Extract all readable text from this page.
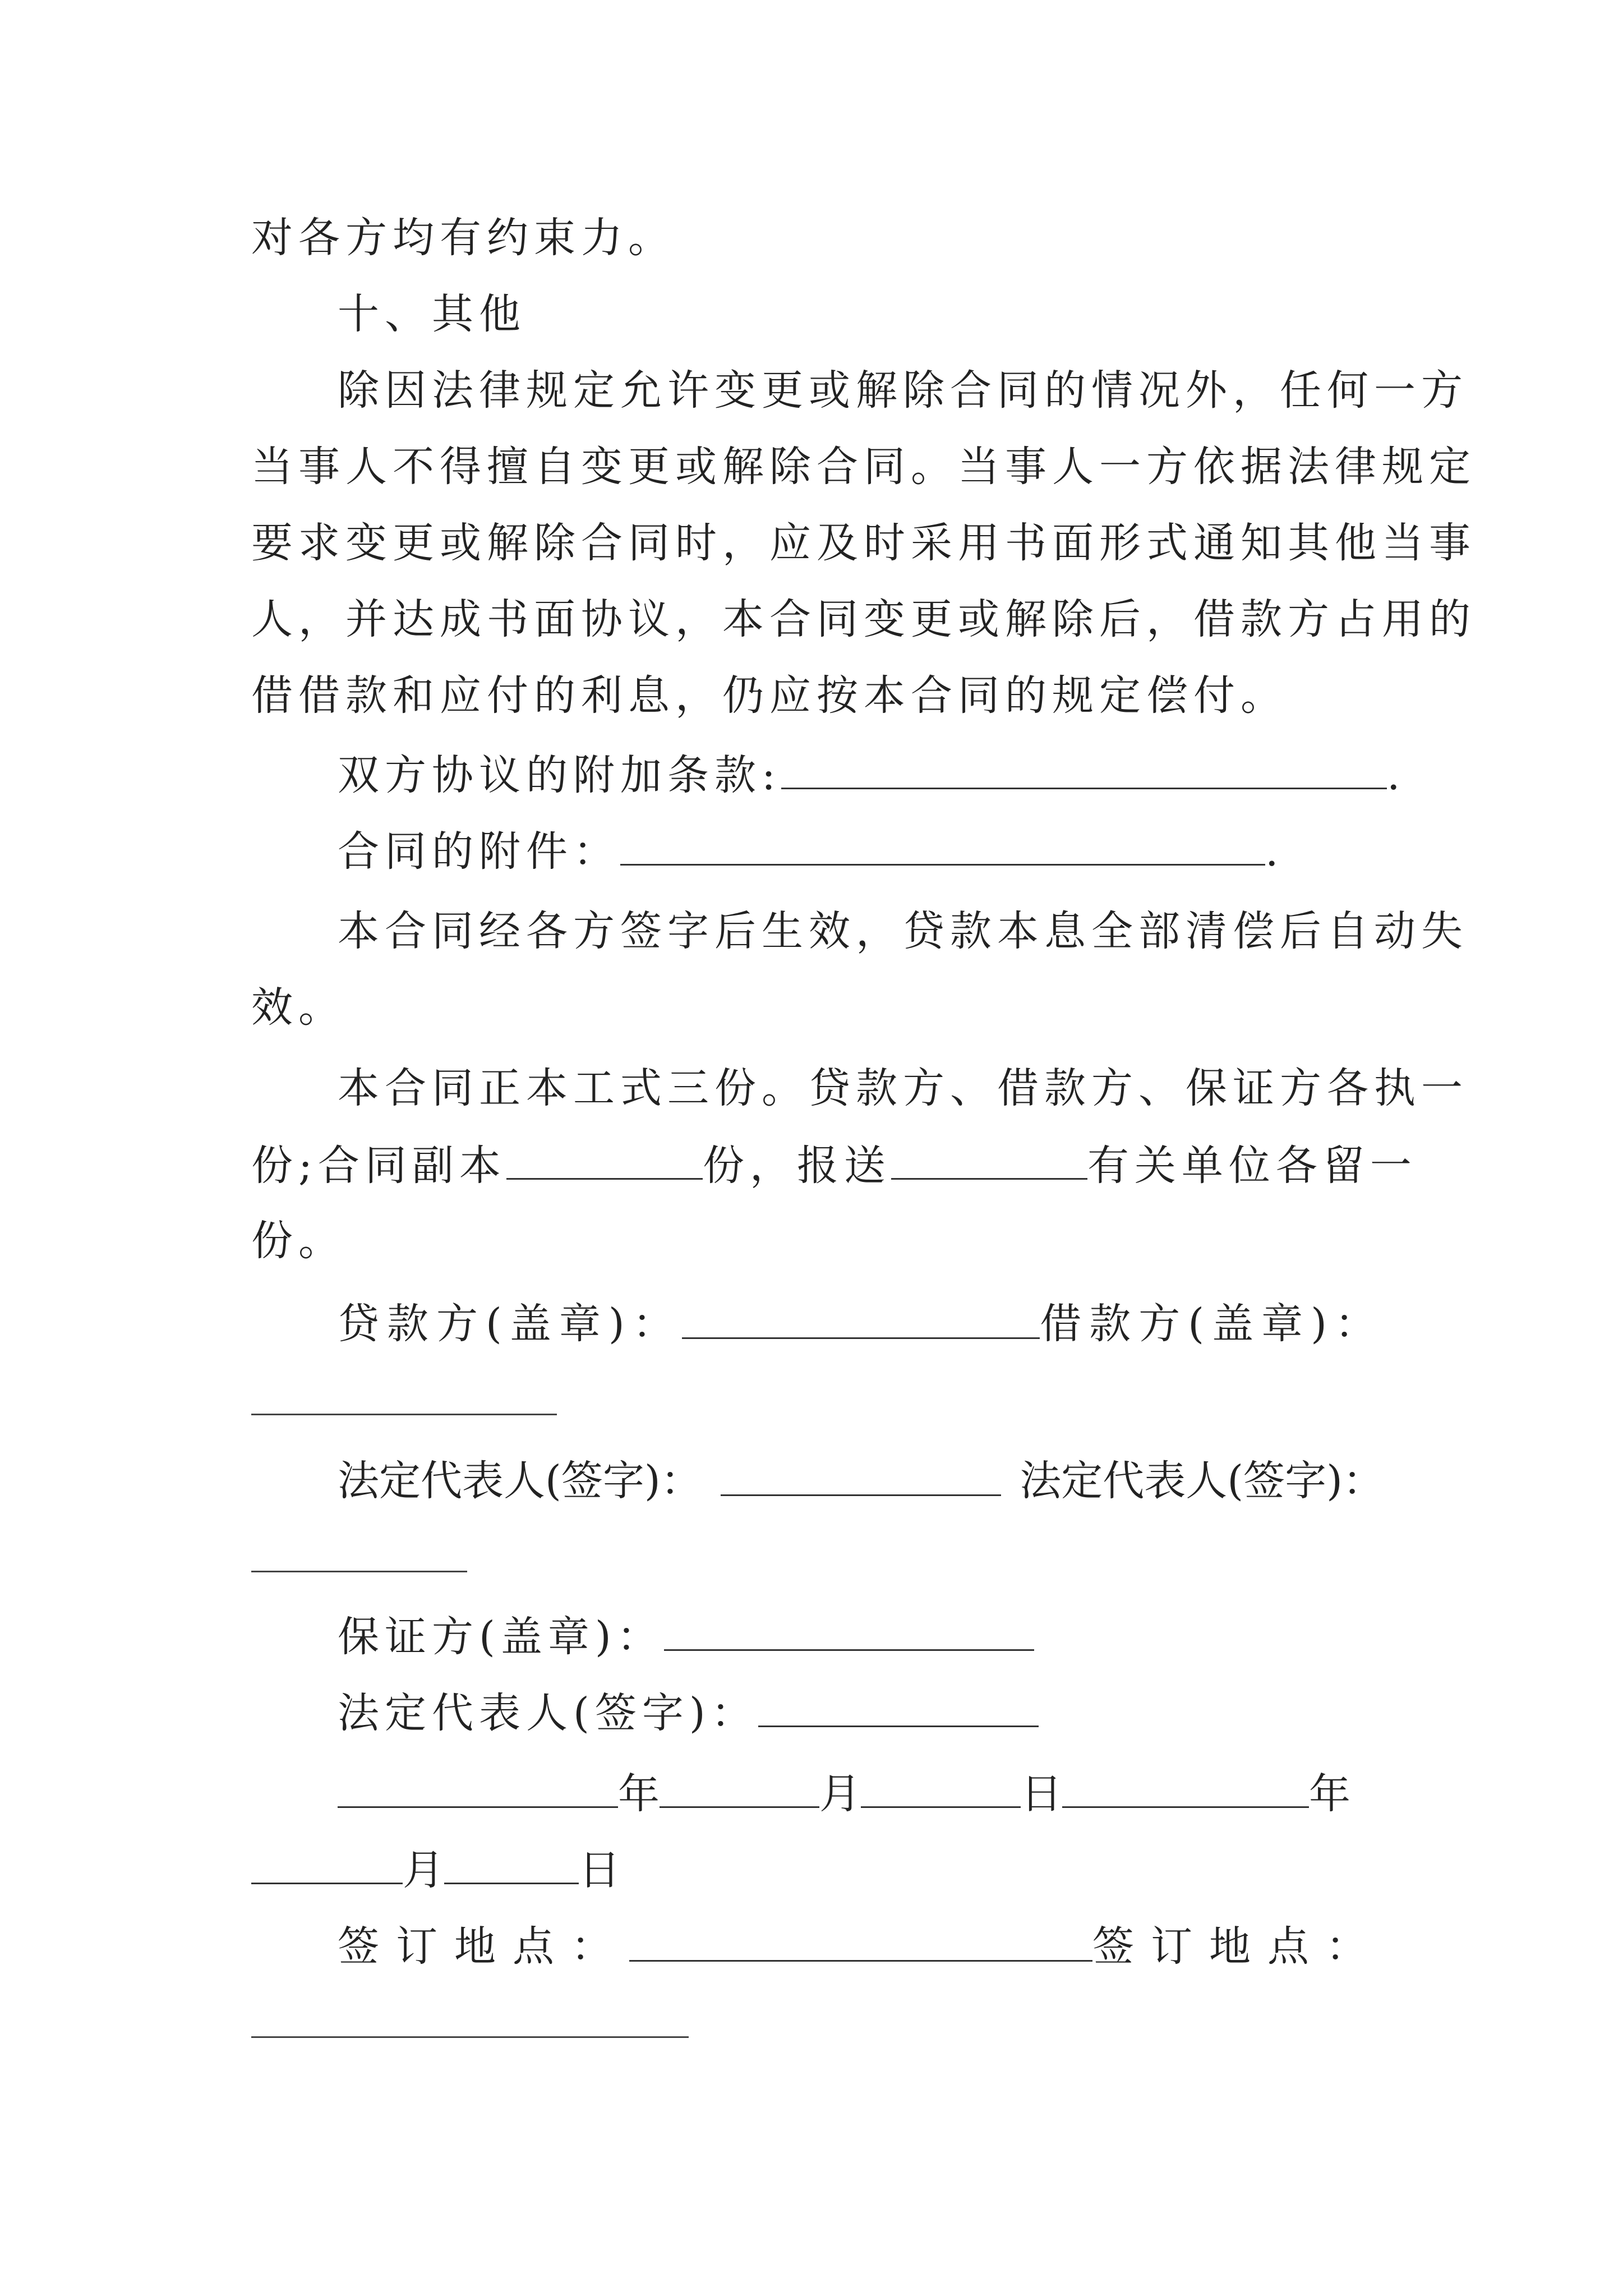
对各方均有约束力。
十、其他
除因法律规定允许变更或解除合同的情况外，任何一方
当事人不得擅自变更或解除合同。当事人一方依据法律规定
要求变更或解除合同时，应及时采用书面形式通知其他当事
人，并达成书面协议，本合同变更或解除后，借款方占用的
借借款和应付的利息，仍应按本合同的规定偿付。
双方协议的附加条款:	.
合同的附件：	.
本合同经各方签字后生效，贷款本息全部清偿后自动失
效。
本合同正本工式三份。贷款方、借款方、保证方各执一
份;合同副本	份，报送	有关单位各留一
份。
贷款方(盖章)：	借款方(盖章)：
法定代表人(签字)：	法定代表人(签字)：
保证方(盖章)：
法定代表人(签字)：
年	月	日	年
月	日
签订地点：	签订地点：
